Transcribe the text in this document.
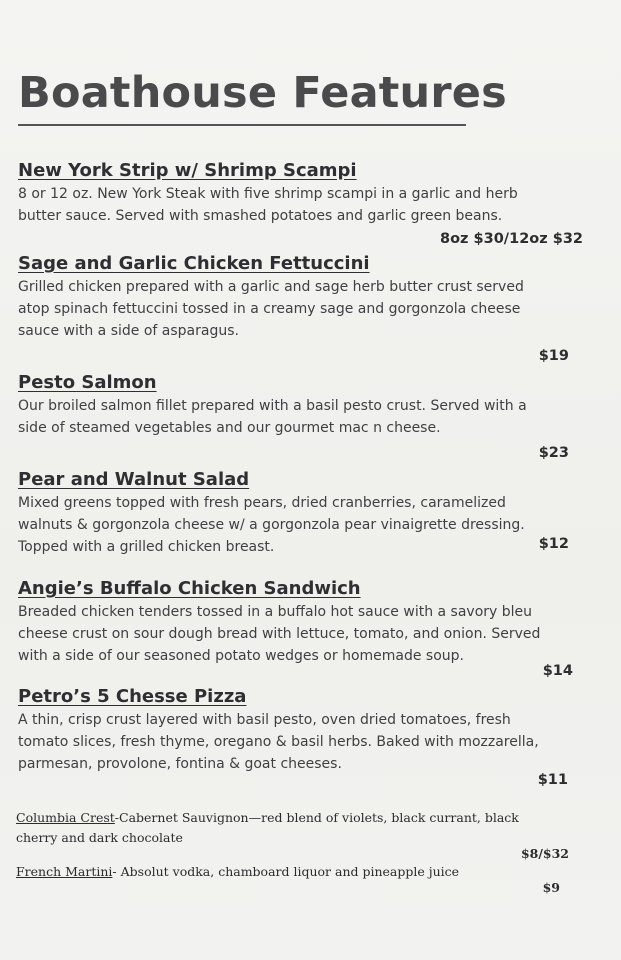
Boathouse Features
New York Strip w/ Shrimp Scampi
8 or 12 oz. New York Steak with five shrimp scampi in a garlic and herb
butter sauce. Served with smashed potatoes and garlic green beans.
8oz $30/12oz $32
Sage and Garlic Chicken Fettuccini
Grilled chicken prepared with a garlic and sage herb butter crust served
atop spinach fettuccini tossed in a creamy sage and gorgonzola cheese
sauce with a side of asparagus.
$19
Pesto Salmon
Our broiled salmon fillet prepared with a basil pesto crust. Served with a
side of steamed vegetables and our gourmet mac n cheese.
$23
Pear and Walnut Salad
Mixed greens topped with fresh pears, dried cranberries, caramelized
walnuts & gorgonzola cheese w/ a gorgonzola pear vinaigrette dressing.
Topped with a grilled chicken breast.	$12
Angie’s Buffalo Chicken Sandwich
Breaded chicken tenders tossed in a buffalo hot sauce with a savory bleu
cheese crust on sour dough bread with lettuce, tomato, and onion. Served
with a side of our seasoned potato wedges or homemade soup.
$14
Petro’s 5 Chesse Pizza
A thin, crisp crust layered with basil pesto, oven dried tomatoes, fresh
tomato slices, fresh thyme, oregano & basil herbs. Baked with mozzarella,
parmesan, provolone, fontina & goat cheeses.
$11
Columbia Crest-Cabernet Sauvignon—red blend of violets, black currant, black
cherry and dark chocolate
$8/$32
French Martini- Absolut vodka, chamboard liquor and pineapple juice
$9
